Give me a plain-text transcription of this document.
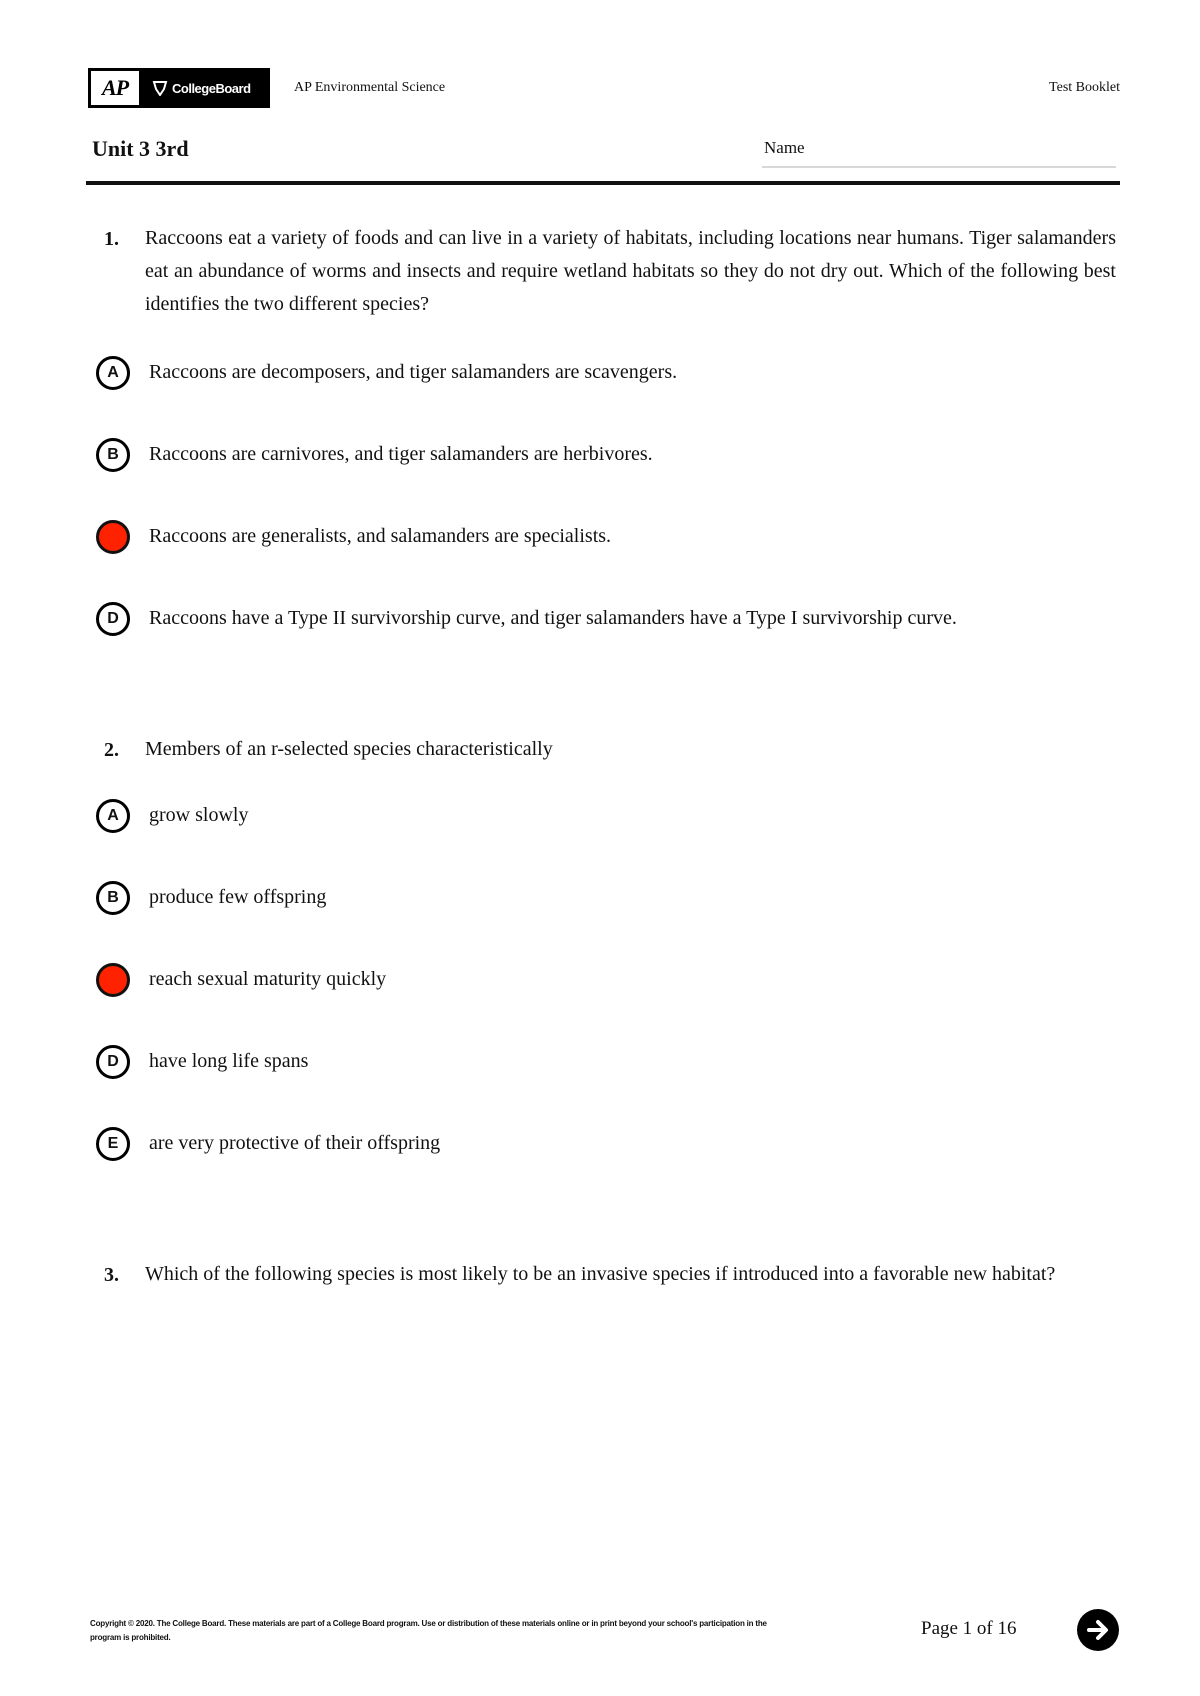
AP	CollegeBoard	AP Environmental Science	Test Booklet
Unit 3 3rd	Name
1. Raccoons eat a variety of foods and can live in a variety of habitats, including locations near humans. Tiger salamanders eat an abundance of worms and insects and require wetland habitats so they do not dry out. Which of the following best identifies the two different species?
A	Raccoons are decomposers, and tiger salamanders are scavengers.
B	Raccoons are carnivores, and tiger salamanders are herbivores.
Raccoons are generalists, and salamanders are specialists.
D	Raccoons have a Type II survivorship curve, and tiger salamanders have a Type I survivorship curve.
2. Members of an r-selected species characteristically
A	grow slowly
B	produce few offspring
reach sexual maturity quickly
D	have long life spans
E	are very protective of their offspring
3. Which of the following species is most likely to be an invasive species if introduced into a favorable new habitat?
Copyright © 2020. The College Board. These materials are part of a College Board program. Use or distribution of these materials online or in print beyond your school's participation in the program is prohibited.	Page 1 of 16
